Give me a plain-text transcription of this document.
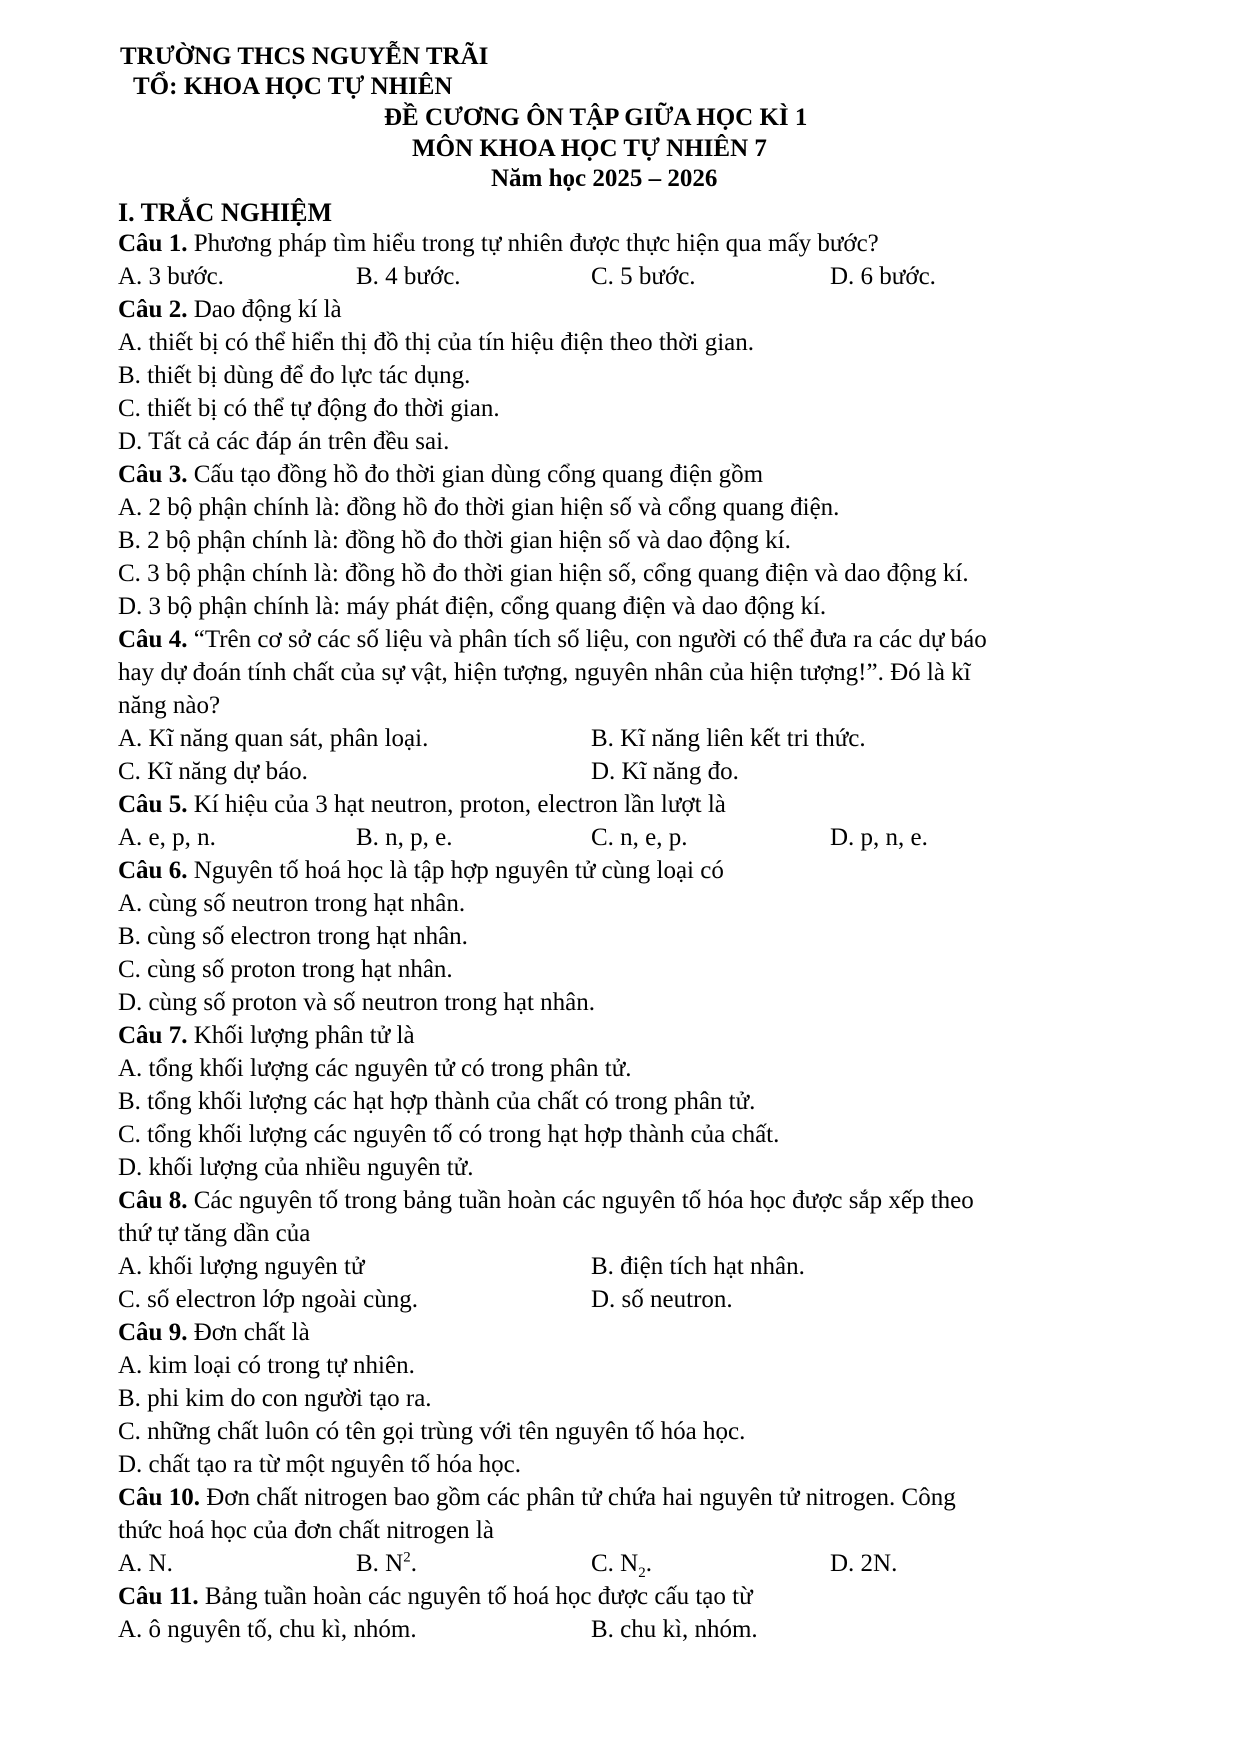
TRƯỜNG THCS NGUYỄN TRÃI
TỔ: KHOA HỌC TỰ NHIÊN
ĐỀ CƯƠNG ÔN TẬP GIỮA HỌC KÌ 1
MÔN KHOA HỌC TỰ NHIÊN 7
Năm học 2025 – 2026
I. TRẮC NGHIỆM
Câu 1. Phương pháp tìm hiểu trong tự nhiên được thực hiện qua mấy bước?
A. 3 bước.	B. 4 bước.	C. 5 bước.	D. 6 bước.
Câu 2. Dao động kí là
A. thiết bị có thể hiển thị đồ thị của tín hiệu điện theo thời gian.
B. thiết bị dùng để đo lực tác dụng.
C. thiết bị có thể tự động đo thời gian.
D. Tất cả các đáp án trên đều sai.
Câu 3. Cấu tạo đồng hồ đo thời gian dùng cổng quang điện gồm
A. 2 bộ phận chính là: đồng hồ đo thời gian hiện số và cổng quang điện.
B. 2 bộ phận chính là: đồng hồ đo thời gian hiện số và dao động kí.
C. 3 bộ phận chính là: đồng hồ đo thời gian hiện số, cổng quang điện và dao động kí.
D. 3 bộ phận chính là: máy phát điện, cổng quang điện và dao động kí.
Câu 4. “Trên cơ sở các số liệu và phân tích số liệu, con người có thể đưa ra các dự báo
hay dự đoán tính chất của sự vật, hiện tượng, nguyên nhân của hiện tượng!”. Đó là kĩ
năng nào?
A. Kĩ năng quan sát, phân loại.	B. Kĩ năng liên kết tri thức.
C. Kĩ năng dự báo.	D. Kĩ năng đo.
Câu 5. Kí hiệu của 3 hạt neutron, proton, electron lần lượt là
A. e, p, n.	B. n, p, e.	C. n, e, p.	D. p, n, e.
Câu 6. Nguyên tố hoá học là tập hợp nguyên tử cùng loại có
A. cùng số neutron trong hạt nhân.
B. cùng số electron trong hạt nhân.
C. cùng số proton trong hạt nhân.
D. cùng số proton và số neutron trong hạt nhân.
Câu 7. Khối lượng phân tử là
A. tổng khối lượng các nguyên tử có trong phân tử.
B. tổng khối lượng các hạt hợp thành của chất có trong phân tử.
C. tổng khối lượng các nguyên tố có trong hạt hợp thành của chất.
D. khối lượng của nhiều nguyên tử.
Câu 8. Các nguyên tố trong bảng tuần hoàn các nguyên tố hóa học được sắp xếp theo
thứ tự tăng dần của
A. khối lượng nguyên tử	B. điện tích hạt nhân.
C. số electron lớp ngoài cùng.	D. số neutron.
Câu 9. Đơn chất là
A. kim loại có trong tự nhiên.
B. phi kim do con người tạo ra.
C. những chất luôn có tên gọi trùng với tên nguyên tố hóa học.
D. chất tạo ra từ một nguyên tố hóa học.
Câu 10. Đơn chất nitrogen bao gồm các phân tử chứa hai nguyên tử nitrogen. Công
thức hoá học của đơn chất nitrogen là
A. N.	B. $N^2$.	C. $N_2$.	D. 2N.
Câu 11. Bảng tuần hoàn các nguyên tố hoá học được cấu tạo từ
A. ô nguyên tố, chu kì, nhóm.	B. chu kì, nhóm.
